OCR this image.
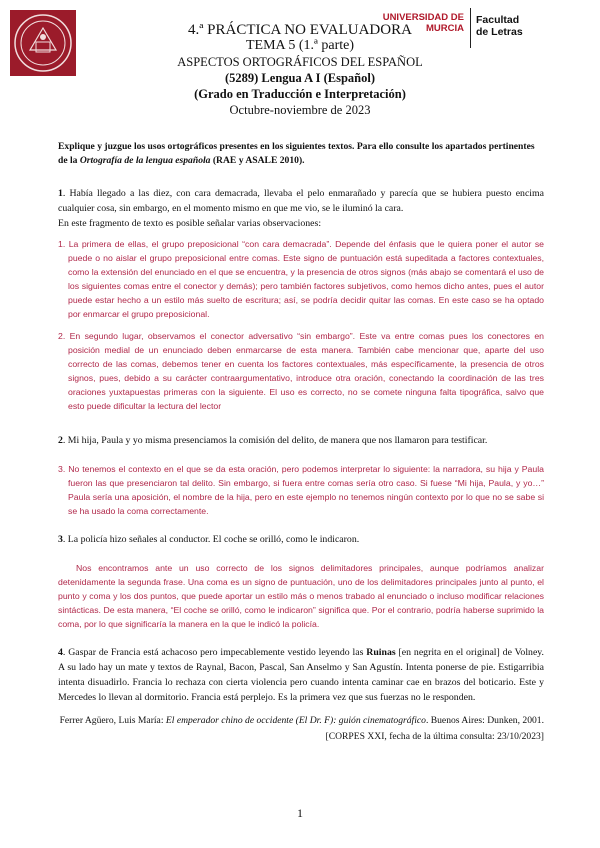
4.ª PRÁCTICA NO EVALUADORA
TEMA 5 (1.ª parte)
ASPECTOS ORTOGRÁFICOS DEL ESPAÑOL
(5289) Lengua A I (Español)
(Grado en Traducción e Interpretación)
Octubre-noviembre de 2023
UNIVERSIDAD DE
MURCIA
Facultad
de Letras

Explique y juzgue los usos ortográficos presentes en los siguientes textos. Para ello consulte los apartados pertinentes de la Ortografía de la lengua española (RAE y ASALE 2010).

1. Había llegado a las diez, con cara demacrada, llevaba el pelo enmarañado y parecía que se hubiera puesto encima cualquier cosa, sin embargo, en el momento mismo en que me vio, se le iluminó la cara.

En este fragmento de texto es posible señalar varias observaciones:

1. La primera de ellas, el grupo preposicional “con cara demacrada”. Depende del énfasis que le quiera poner el autor se puede o no aislar el grupo preposicional entre comas. Este signo de puntuación está supeditada a factores contextuales, como la extensión del enunciado en el que se encuentra, y la presencia de otros signos (más abajo se comentará el uso de los siguientes comas entre el conector y demás); pero también factores subjetivos, como hemos dicho antes, pues el autor puede estar hecho a un estilo más suelto de escritura; así, se podría decidir quitar las comas. En este caso se ha optado por enmarcar el grupo preposicional.

2. En segundo lugar, observamos el conector adversativo “sin embargo”. Este va entre comas pues los conectores en posición medial de un enunciado deben enmarcarse de esta manera. También cabe mencionar que, aparte del uso correcto de las comas, debemos tener en cuenta los factores contextuales, más específicamente, la presencia de otros signos, pues, debido a su carácter contraargumentativo, introduce otra oración, conectando la coordinación de las tres oraciones yuxtapuestas primeras con la siguiente. El uso es correcto, no se comete ninguna falta tipográfica, salvo que esto puede dificultar la lectura del lector

2. Mi hija, Paula y yo misma presenciamos la comisión del delito, de manera que nos llamaron para testificar.

3. No tenemos el contexto en el que se da esta oración, pero podemos interpretar lo siguiente: la narradora, su hija y Paula fueron las que presenciaron tal delito. Sin embargo, si fuera entre comas sería otro caso. Si fuese “Mi hija, Paula, y yo…” Paula sería una aposición, el nombre de la hija, pero en este ejemplo no tenemos ningún contexto por lo que no se sabe si se ha usado la coma correctamente.

3. La policía hizo señales al conductor. El coche se orilló, como le indicaron.

Nos encontramos ante un uso correcto de los signos delimitadores principales, aunque podríamos analizar detenidamente la segunda frase. Una coma es un signo de puntuación, uno de los delimitadores principales junto al punto, el punto y coma y los dos puntos, que puede aportar un estilo más o menos trabado al enunciado o incluso modificar relaciones sintácticas. De esta manera, “El coche se orilló, como le indicaron” significa que. Por el contrario, podría haberse suprimido la coma, por lo que significaría la manera en la que le indicó la policía.

4. Gaspar de Francia está achacoso pero impecablemente vestido leyendo las Ruinas [en negrita en el original] de Volney. A su lado hay un mate y textos de Raynal, Bacon, Pascal, San Anselmo y San Agustín. Intenta ponerse de pie. Estigarribia intenta disuadirlo. Francia lo rechaza con cierta violencia pero cuando intenta caminar cae en brazos del boticario. Este y Mercedes lo llevan al dormitorio. Francia está perplejo. Es la primera vez que sus fuerzas no le responden.

Ferrer Agüero, Luis María: El emperador chino de occidente (El Dr. F): guión cinematográfico. Buenos Aires: Dunken, 2001. [CORPES XXI, fecha de la última consulta: 23/10/2023]

1
